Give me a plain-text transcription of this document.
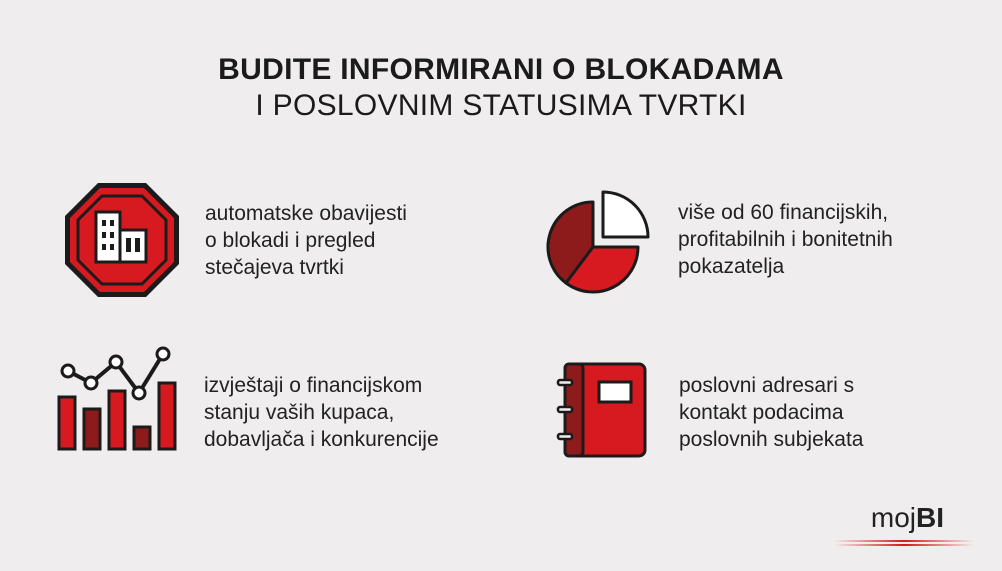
BUDITE INFORMIRANI O BLOKADAMA
I POSLOVNIM STATUSIMA TVRTKI
automatske obavijesti
o blokadi i pregled
stečajeva tvrtki
više od 60 financijskih,
profitabilnih i bonitetnih
pokazatelja
izvještaji o financijskom
stanju vaših kupaca,
dobavljača i konkurencije
poslovni adresari s
kontakt podacima
poslovnih subjekata
mojBI
